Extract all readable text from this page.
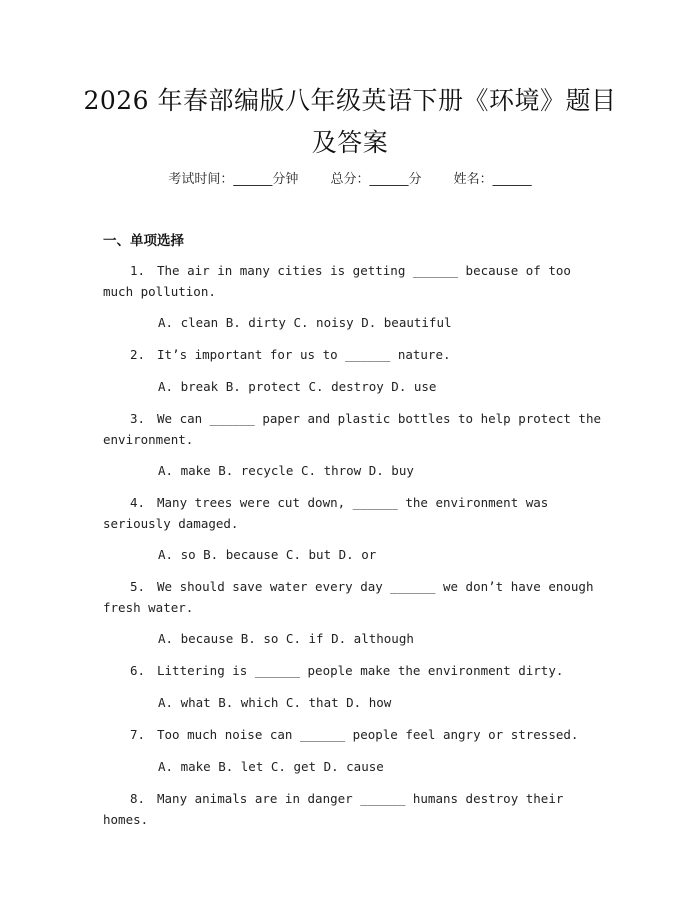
2026 年春部编版八年级英语下册《环境》题目及答案
考试时间：______分钟 总分：______分 姓名：______
一、单项选择
1. The air in many cities is getting ______ because of too much pollution.
A. clean B. dirty C. noisy D. beautiful
2. It’s important for us to ______ nature.
A. break B. protect C. destroy D. use
3. We can ______ paper and plastic bottles to help protect the environment.
A. make B. recycle C. throw D. buy
4. Many trees were cut down, ______ the environment was seriously damaged.
A. so B. because C. but D. or
5. We should save water every day ______ we don’t have enough fresh water.
A. because B. so C. if D. although
6. Littering is ______ people make the environment dirty.
A. what B. which C. that D. how
7. Too much noise can ______ people feel angry or stressed.
A. make B. let C. get D. cause
8. Many animals are in danger ______ humans destroy their homes.
